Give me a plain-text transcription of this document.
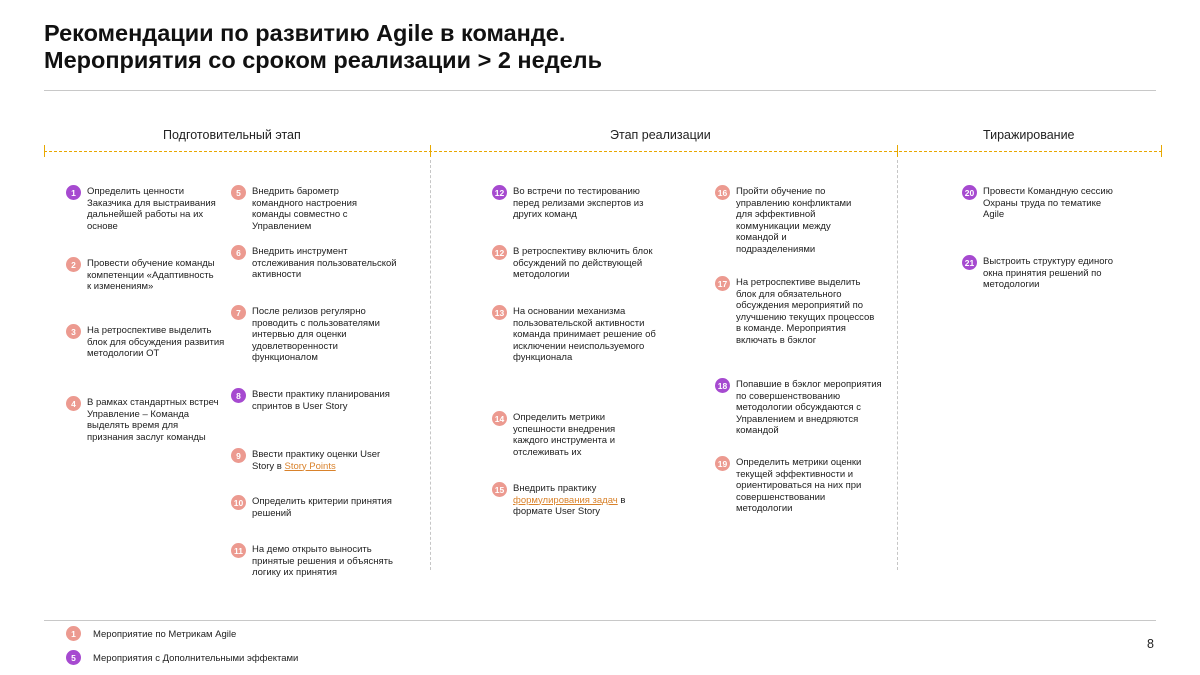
Рекомендации по развитию Agile в команде.
Мероприятия со сроком реализации > 2 недель
Подготовительный этап	Этап реализации	Тиражирование
1	Определить ценности Заказчика для выстраивания дальнейшей работы на их основе
2	Провести обучение команды компетенции «Адаптивность к изменениям»
3	На ретроспективе выделить блок для обсуждения развития методологии ОТ
4	В рамках стандартных встреч Управление – Команда выделять время для признания заслуг команды
5	Внедрить барометр командного настроения команды совместно с Управлением
6	Внедрить инструмент отслеживания пользовательской активности
7	После релизов регулярно проводить с пользователями интервью для оценки удовлетворенности функционалом
8	Ввести практику планирования спринтов в User Story
9	Ввести практику оценки User Story в Story Points
10 Определить критерии принятия решений
11 На демо открыто выносить принятые решения и объяснять логику их принятия
12 Во встречи по тестированию перед релизами экспертов из других команд
12 В ретроспективу включить блок обсуждений по действующей методологии
13 На основании механизма пользовательской активности команда принимает решение об исключении неиспользуемого функционала
14 Определить метрики успешности внедрения каждого инструмента и отслеживать их
15 Внедрить практику формулирования задач в формате User Story
16 Пройти обучение по управлению конфликтами для эффективной коммуникации между командой и подразделениями
17 На ретроспективе выделить блок для обязательного обсуждения мероприятий по улучшению текущих процессов в команде. Мероприятия включать в бэклог
18 Попавшие в бэклог мероприятия по совершенствованию методологии обсуждаются с Управлением и внедряются командой
19 Определить метрики оценки текущей эффективности и ориентироваться на них при совершенствовании методологии
20 Провести Командную сессию Охраны труда по тематике Agile
21 Выстроить структуру единого окна принятия решений по методологии
1	Мероприятие по Метрикам Agile
5	Мероприятия с Дополнительными эффектами
8
